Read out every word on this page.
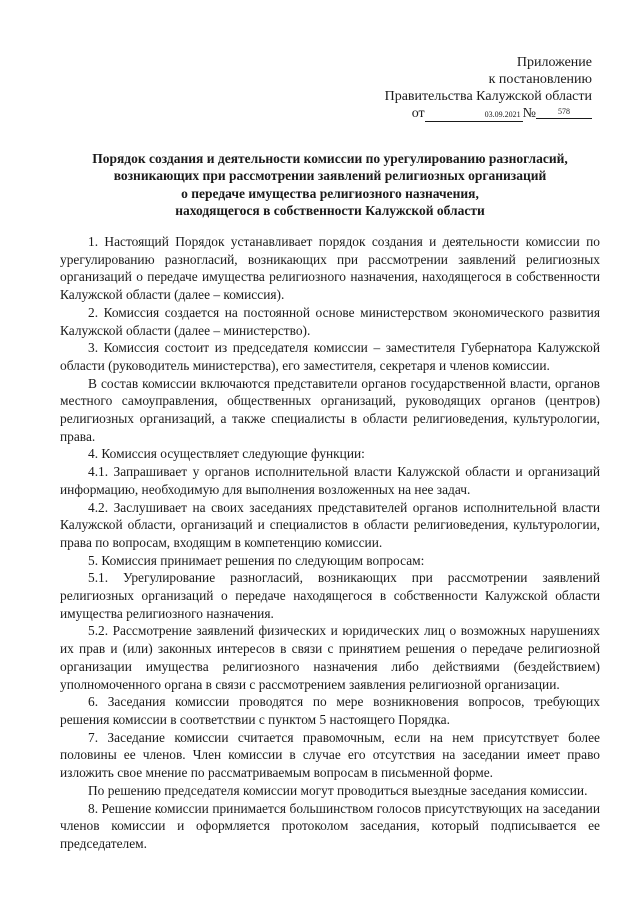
Приложение
к постановлению
Правительства Калужской области
от	03.09.2021 №	578
Порядок создания и деятельности комиссии по урегулированию разногласий,
возникающих при рассмотрении заявлений религиозных организаций
о передаче имущества религиозного назначения,
находящегося в собственности Калужской области

1. Настоящий Порядок устанавливает порядок создания и деятельности комиссии по урегулированию разногласий, возникающих при рассмотрении заявлений религиозных организаций о передаче имущества религиозного назначения, находящегося в собственности Калужской области (далее – комиссия).

2. Комиссия создается на постоянной основе министерством экономического развития Калужской области (далее – министерство).

3. Комиссия состоит из председателя комиссии – заместителя Губернатора Калужской области (руководитель министерства), его заместителя, секретаря и членов комиссии.

В состав комиссии включаются представители органов государственной власти, органов местного самоуправления, общественных организаций, руководящих органов (центров) религиозных организаций, а также специалисты в области религиоведения, культурологии, права.

4. Комиссия осуществляет следующие функции:

4.1. Запрашивает у органов исполнительной власти Калужской области и организаций информацию, необходимую для выполнения возложенных на нее задач.

4.2. Заслушивает на своих заседаниях представителей органов исполнительной власти Калужской области, организаций и специалистов в области религиоведения, культурологии, права по вопросам, входящим в компетенцию комиссии.

5. Комиссия принимает решения по следующим вопросам:

5.1. Урегулирование разногласий, возникающих при рассмотрении заявлений религиозных организаций о передаче находящегося в собственности Калужской области имущества религиозного назначения.

5.2. Рассмотрение заявлений физических и юридических лиц о возможных нарушениях их прав и (или) законных интересов в связи с принятием решения о передаче религиозной организации имущества религиозного назначения либо действиями (бездействием) уполномоченного органа в связи с рассмотрением заявления религиозной организации.

6. Заседания комиссии проводятся по мере возникновения вопросов, требующих решения комиссии в соответствии с пунктом 5 настоящего Порядка.

7. Заседание комиссии считается правомочным, если на нем присутствует более половины ее членов. Член комиссии в случае его отсутствия на заседании имеет право изложить свое мнение по рассматриваемым вопросам в письменной форме.

По решению председателя комиссии могут проводиться выездные заседания комиссии.

8. Решение комиссии принимается большинством голосов присутствующих на заседании членов комиссии и оформляется протоколом заседания, который подписывается ее председателем.
